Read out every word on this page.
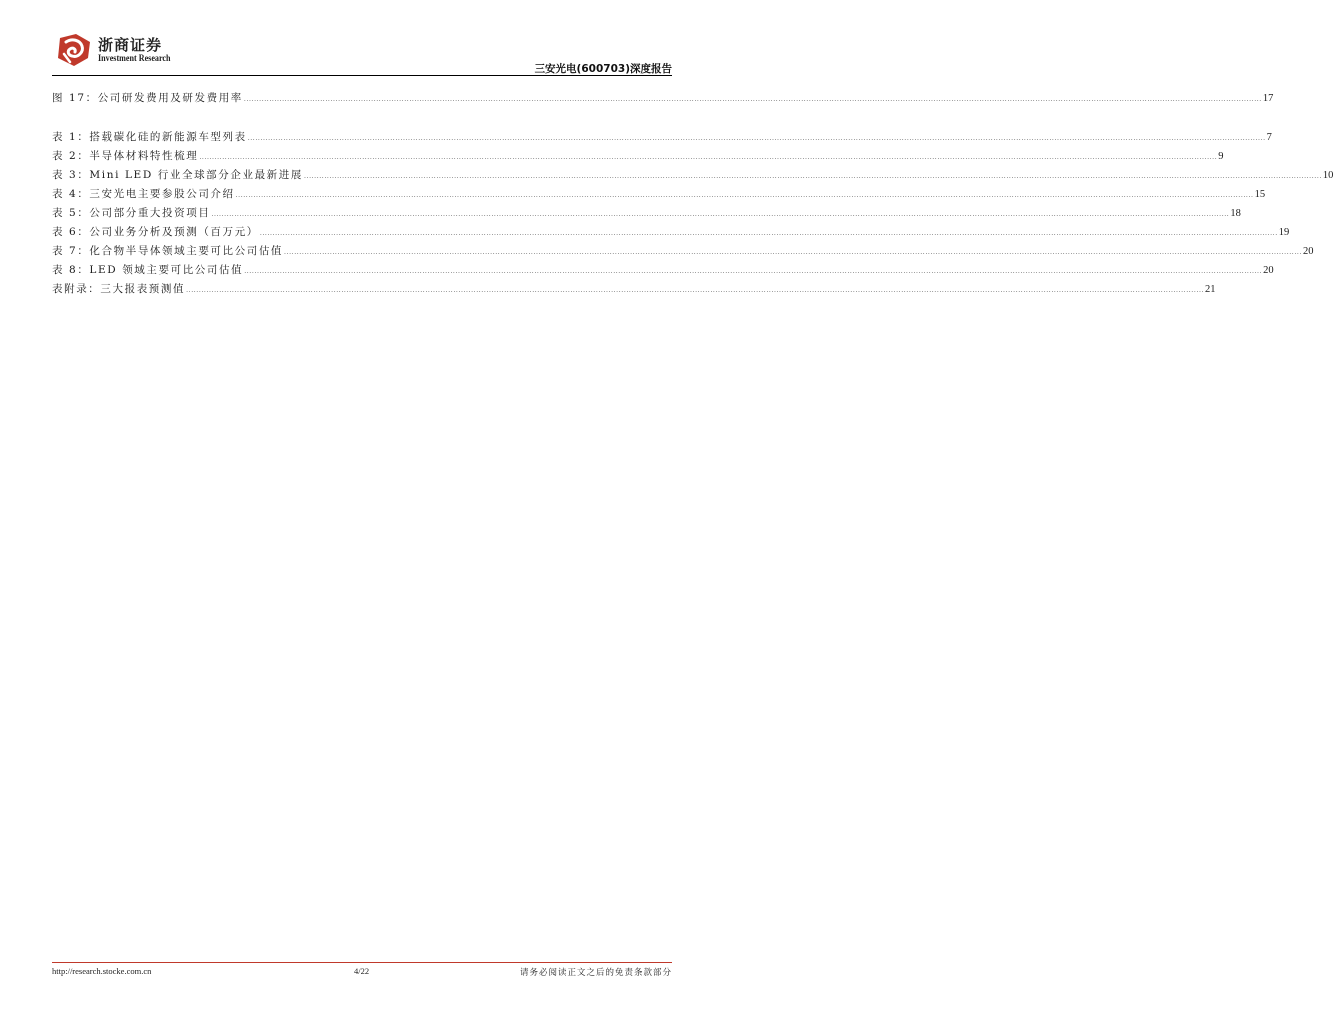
浙商证券
Investment Research
三安光电(600703)深度报告
图 17：公司研发费用及研发费用率 ................................................................................................................................................................................................................................................................................................................................................................................................................ 17
表 1：搭载碳化硅的新能源车型列表 ................................................................................................................................................................................................................................................................................................................................................................................................................ 7
表 2：半导体材料特性梳理 ................................................................................................................................................................................................................................................................................................................................................................................................................ 9
表 3：Mini LED 行业全球部分企业最新进展 ................................................................................................................................................................................................................................................................................................................................................................................................................ 10
表 4：三安光电主要参股公司介绍 ................................................................................................................................................................................................................................................................................................................................................................................................................ 15
表 5：公司部分重大投资项目 ................................................................................................................................................................................................................................................................................................................................................................................................................ 18
表 6：公司业务分析及预测（百万元） ................................................................................................................................................................................................................................................................................................................................................................................................................ 19
表 7：化合物半导体领域主要可比公司估值 ................................................................................................................................................................................................................................................................................................................................................................................................................ 20
表 8：LED 领域主要可比公司估值 ................................................................................................................................................................................................................................................................................................................................................................................................................ 20
表附录：三大报表预测值 ................................................................................................................................................................................................................................................................................................................................................................................................................ 21
http://research.stocke.com.cn	4/22	请务必阅读正文之后的免责条款部分
